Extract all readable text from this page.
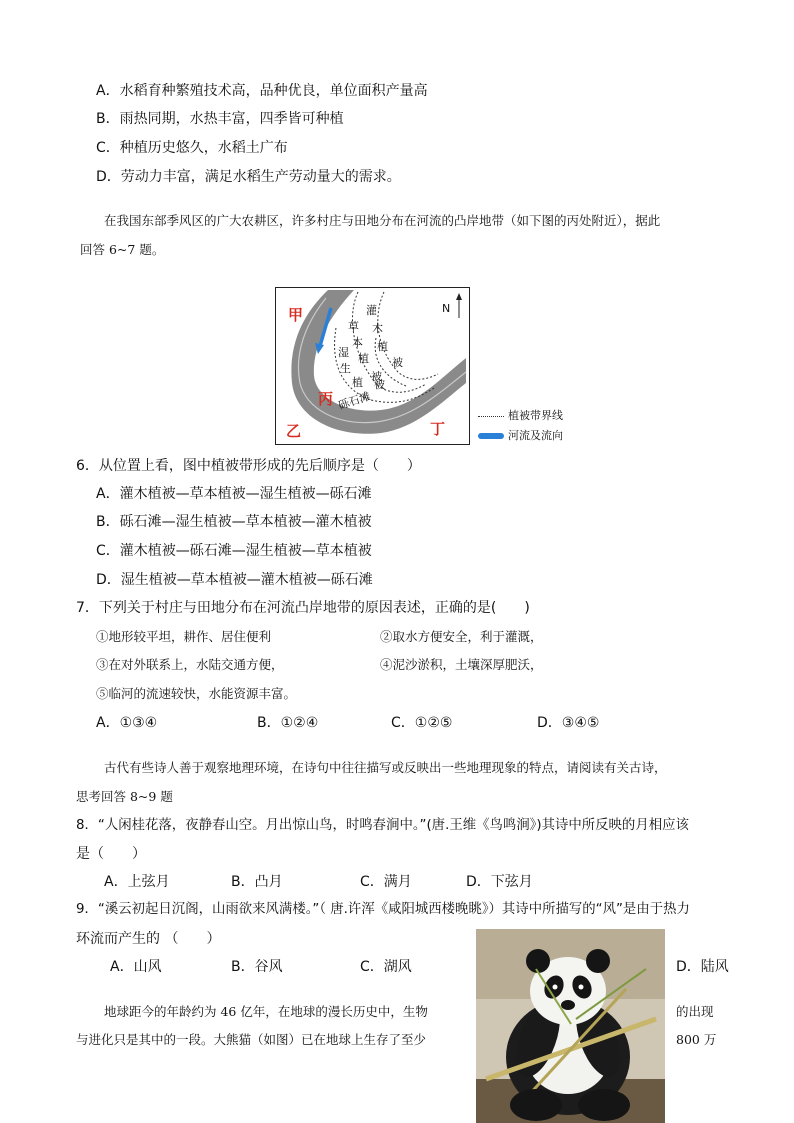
A．水稻育种繁殖技术高，品种优良，单位面积产量高
B．雨热同期，水热丰富，四季皆可种植
C．种植历史悠久，水稻土广布
D．劳动力丰富，满足水稻生产劳动量大的需求。
在我国东部季风区的广大农耕区，许多村庄与田地分布在河流的凸岸地带（如下图的丙处附近），据此
回答 6~7 题。
甲
乙
丙
丁
N
灌
木
植
被
草
本
植
被
湿
生
植 被
砾石滩
植被带界线
河流及流向
6．从位置上看，图中植被带形成的先后顺序是（　　）
A．灌木植被—草本植被—湿生植被—砾石滩
B．砾石滩—湿生植被—草本植被—灌木植被
C．灌木植被—砾石滩—湿生植被—草本植被
D．湿生植被—草本植被—灌木植被—砾石滩
7．下列关于村庄与田地分布在河流凸岸地带的原因表述，正确的是(　　)
①地形较平坦，耕作、居住便利	②取水方便安全，利于灌溉，
③在对外联系上，水陆交通方便，	④泥沙淤积，土壤深厚肥沃，
⑤临河的流速较快，水能资源丰富。
A．①③④	B．①②④	C．①②⑤	D．③④⑤
古代有些诗人善于观察地理环境，在诗句中往往描写或反映出一些地理现象的特点，请阅读有关古诗，
思考回答 8~9 题
8．“人闲桂花落，夜静春山空。月出惊山鸟，时鸣春涧中。”(唐.王维《鸟鸣涧》)其诗中所反映的月相应该
是（　　）
A．上弦月	B．凸月	C．满月	D．下弦月
9．“溪云初起日沉阁，山雨欲来风满楼。”（ 唐.许浑《咸阳城西楼晚眺》）其诗中所描写的“风”是由于热力
环流而产生的 （　　）
A．山风	B．谷风	C．湖风	D．陆风
地球距今的年龄约为 46 亿年，在地球的漫长历史中，生物	的出现
与进化只是其中的一段。大熊猫（如图）已在地球上生存了至少	800 万
